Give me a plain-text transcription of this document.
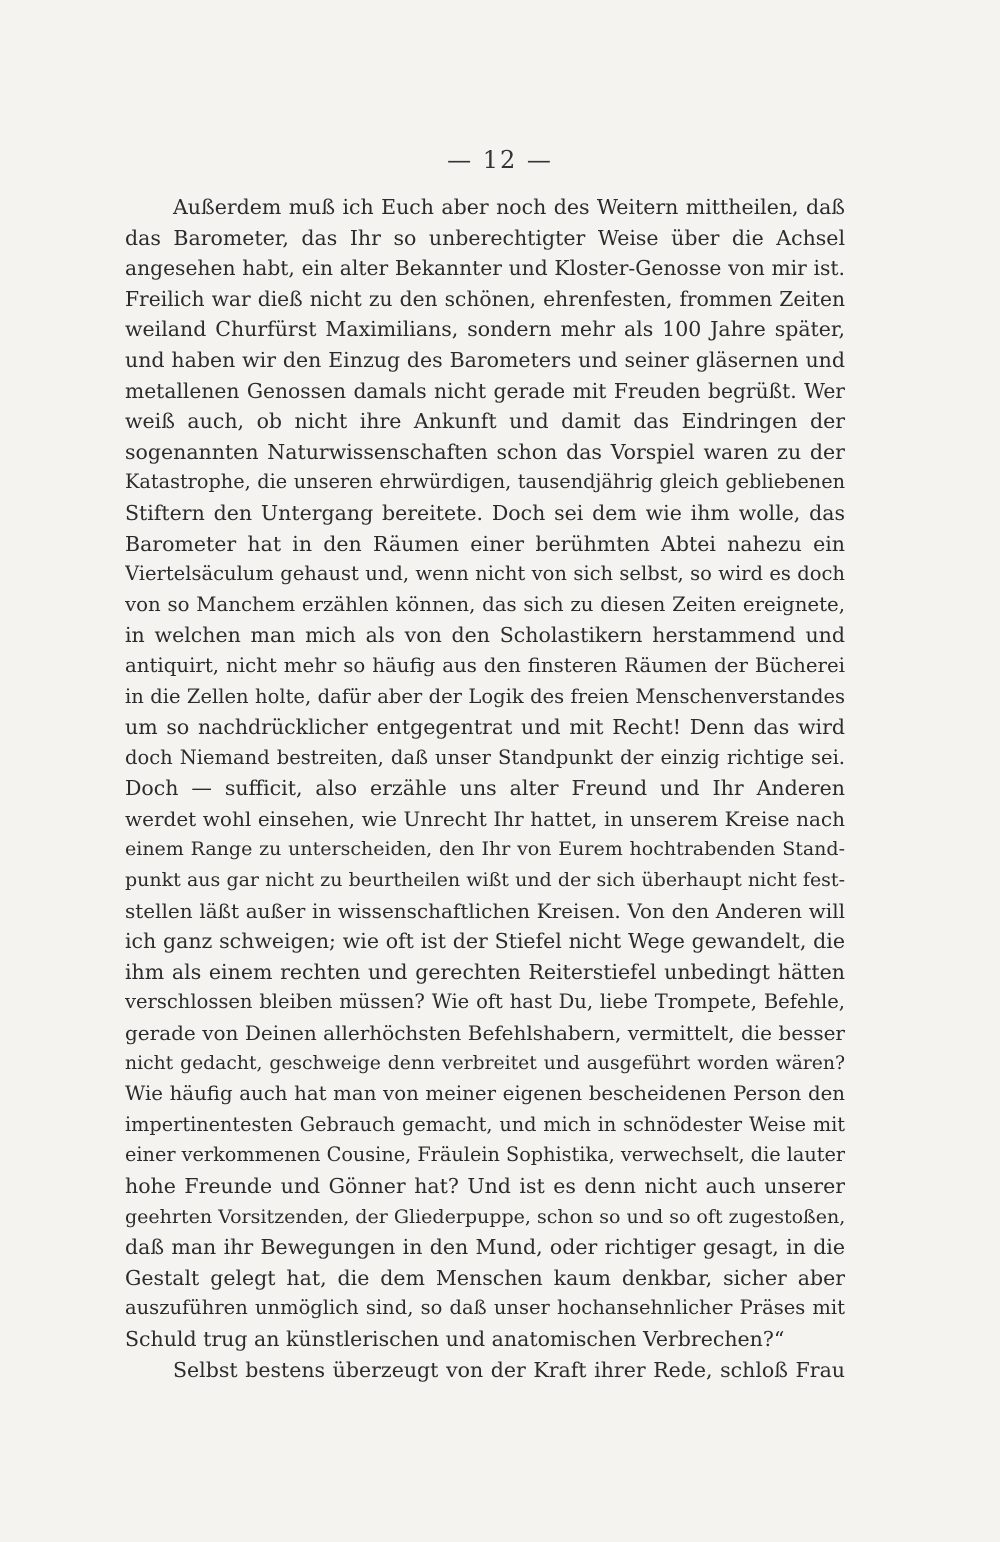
— 12 —
Außerdem muß ich Euch aber noch des Weitern mittheilen, daß
das Barometer, das Ihr so unberechtigter Weise über die Achsel
angesehen habt, ein alter Bekannter und Kloster-Genosse von mir ist.
Freilich war dieß nicht zu den schönen, ehrenfesten, frommen Zeiten
weiland Churfürst Maximilians, sondern mehr als 100 Jahre später,
und haben wir den Einzug des Barometers und seiner gläsernen und
metallenen Genossen damals nicht gerade mit Freuden begrüßt. Wer
weiß auch, ob nicht ihre Ankunft und damit das Eindringen der
sogenannten Naturwissenschaften schon das Vorspiel waren zu der
Katastrophe, die unseren ehrwürdigen, tausendjährig gleich gebliebenen
Stiftern den Untergang bereitete. Doch sei dem wie ihm wolle, das
Barometer hat in den Räumen einer berühmten Abtei nahezu ein
Viertelsäculum gehaust und, wenn nicht von sich selbst, so wird es doch
von so Manchem erzählen können, das sich zu diesen Zeiten ereignete,
in welchen man mich als von den Scholastikern herstammend und
antiquirt, nicht mehr so häufig aus den finsteren Räumen der Bücherei
in die Zellen holte, dafür aber der Logik des freien Menschenverstandes
um so nachdrücklicher entgegentrat und mit Recht! Denn das wird
doch Niemand bestreiten, daß unser Standpunkt der einzig richtige sei.
Doch — sufficit, also erzähle uns alter Freund und Ihr Anderen
werdet wohl einsehen, wie Unrecht Ihr hattet, in unserem Kreise nach
einem Range zu unterscheiden, den Ihr von Eurem hochtrabenden Stand-
punkt aus gar nicht zu beurtheilen wißt und der sich überhaupt nicht fest-
stellen läßt außer in wissenschaftlichen Kreisen. Von den Anderen will
ich ganz schweigen; wie oft ist der Stiefel nicht Wege gewandelt, die
ihm als einem rechten und gerechten Reiterstiefel unbedingt hätten
verschlossen bleiben müssen? Wie oft hast Du, liebe Trompete, Befehle,
gerade von Deinen allerhöchsten Befehlshabern, vermittelt, die besser
nicht gedacht, geschweige denn verbreitet und ausgeführt worden wären?
Wie häufig auch hat man von meiner eigenen bescheidenen Person den
impertinentesten Gebrauch gemacht, und mich in schnödester Weise mit
einer verkommenen Cousine, Fräulein Sophistika, verwechselt, die lauter
hohe Freunde und Gönner hat? Und ist es denn nicht auch unserer
geehrten Vorsitzenden, der Gliederpuppe, schon so und so oft zugestoßen,
daß man ihr Bewegungen in den Mund, oder richtiger gesagt, in die
Gestalt gelegt hat, die dem Menschen kaum denkbar, sicher aber
auszuführen unmöglich sind, so daß unser hochansehnlicher Präses mit
Schuld trug an künstlerischen und anatomischen Verbrechen?“
Selbst bestens überzeugt von der Kraft ihrer Rede, schloß Frau
